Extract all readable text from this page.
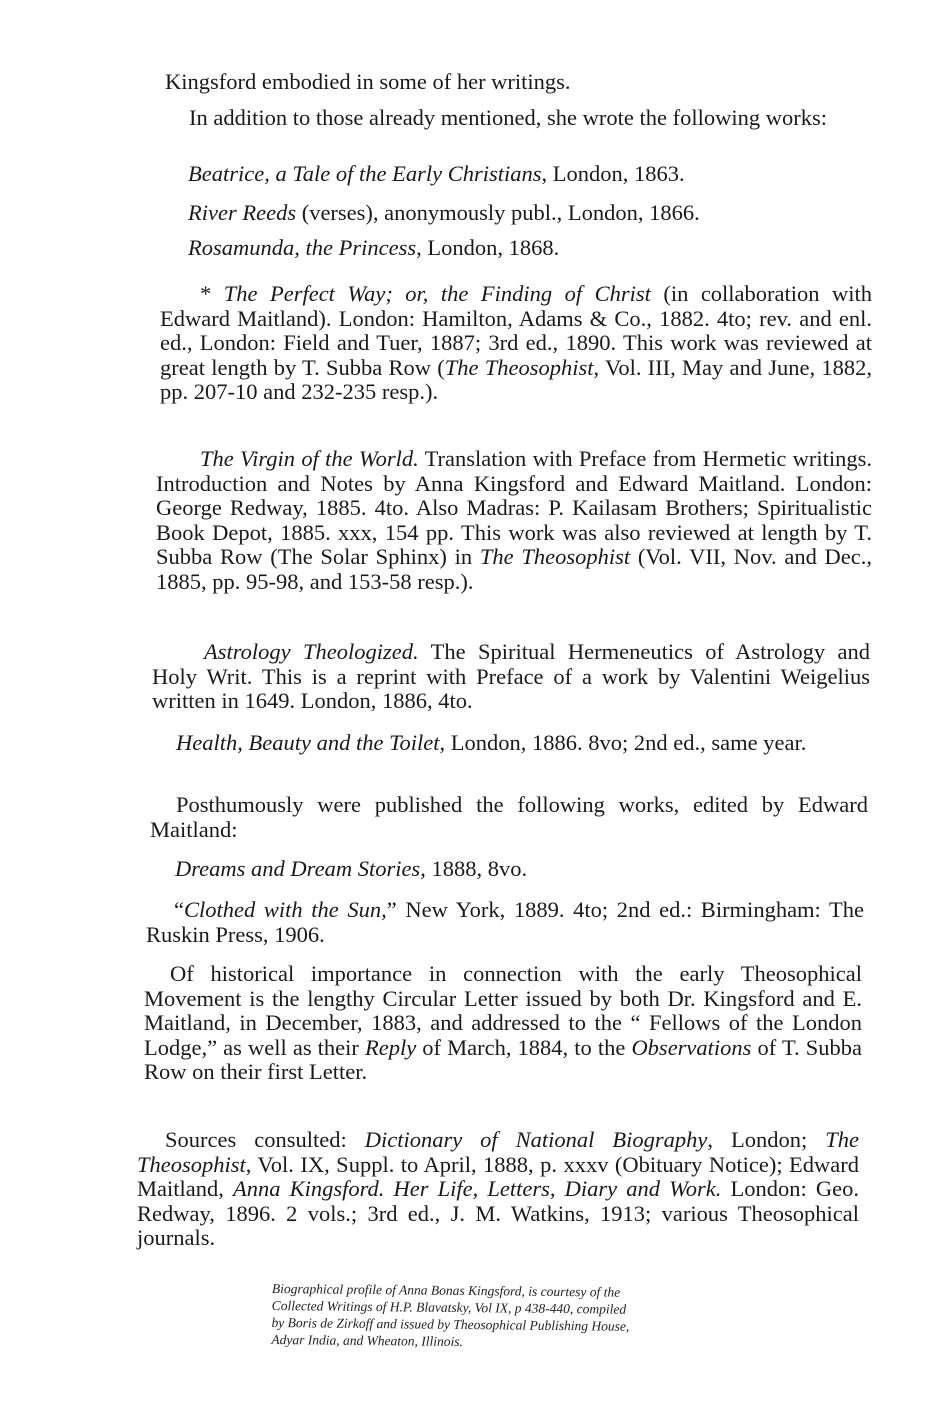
Kingsford embodied in some of her writings.
In addition to those already mentioned, she wrote the following works:
Beatrice, a Tale of the Early Christians, London, 1863.
River Reeds (verses), anonymously publ., London, 1866.
Rosamunda, the Princess, London, 1868.
* The Perfect Way; or, the Finding of Christ (in collaboration with Edward Maitland). London: Hamilton, Adams & Co., 1882. 4to; rev. and enl. ed., London: Field and Tuer, 1887; 3rd ed., 1890. This work was reviewed at great length by T. Subba Row (The Theosophist, Vol. III, May and June, 1882, pp. 207-10 and 232-235 resp.).
The Virgin of the World. Translation with Preface from Hermetic writings. Introduction and Notes by Anna Kingsford and Edward Maitland. London: George Redway, 1885. 4to. Also Madras: P. Kailasam Brothers; Spiritualistic Book Depot, 1885. xxx, 154 pp. This work was also reviewed at length by T. Subba Row (The Solar Sphinx) in The Theosophist (Vol. VII, Nov. and Dec., 1885, pp. 95-98, and 153-58 resp.).
Astrology Theologized. The Spiritual Hermeneutics of Astrology and Holy Writ. This is a reprint with Preface of a work by Valentini Weigelius written in 1649. London, 1886, 4to.
Health, Beauty and the Toilet, London, 1886. 8vo; 2nd ed., same year.
Posthumously were published the following works, edited by Edward Maitland:
Dreams and Dream Stories, 1888, 8vo.
“Clothed with the Sun,” New York, 1889. 4to; 2nd ed.: Birmingham: The Ruskin Press, 1906.
Of historical importance in connection with the early Theosophical Movement is the lengthy Circular Letter issued by both Dr. Kingsford and E. Maitland, in December, 1883, and addressed to the “ Fellows of the London Lodge,” as well as their Reply of March, 1884, to the Observations of T. Subba Row on their first Letter.
Sources consulted: Dictionary of National Biography, London; The Theosophist, Vol. IX, Suppl. to April, 1888, p. xxxv (Obituary Notice); Edward Maitland, Anna Kingsford. Her Life, Letters, Diary and Work. London: Geo. Redway, 1896. 2 vols.; 3rd ed., J. M. Watkins, 1913; various Theosophical journals.
Biographical profile of Anna Bonas Kingsford, is courtesy of the
Collected Writings of H.P. Blavatsky, Vol IX, p 438-440, compiled
by Boris de Zirkoff and issued by Theosophical Publishing House,
Adyar India, and Wheaton, Illinois.
